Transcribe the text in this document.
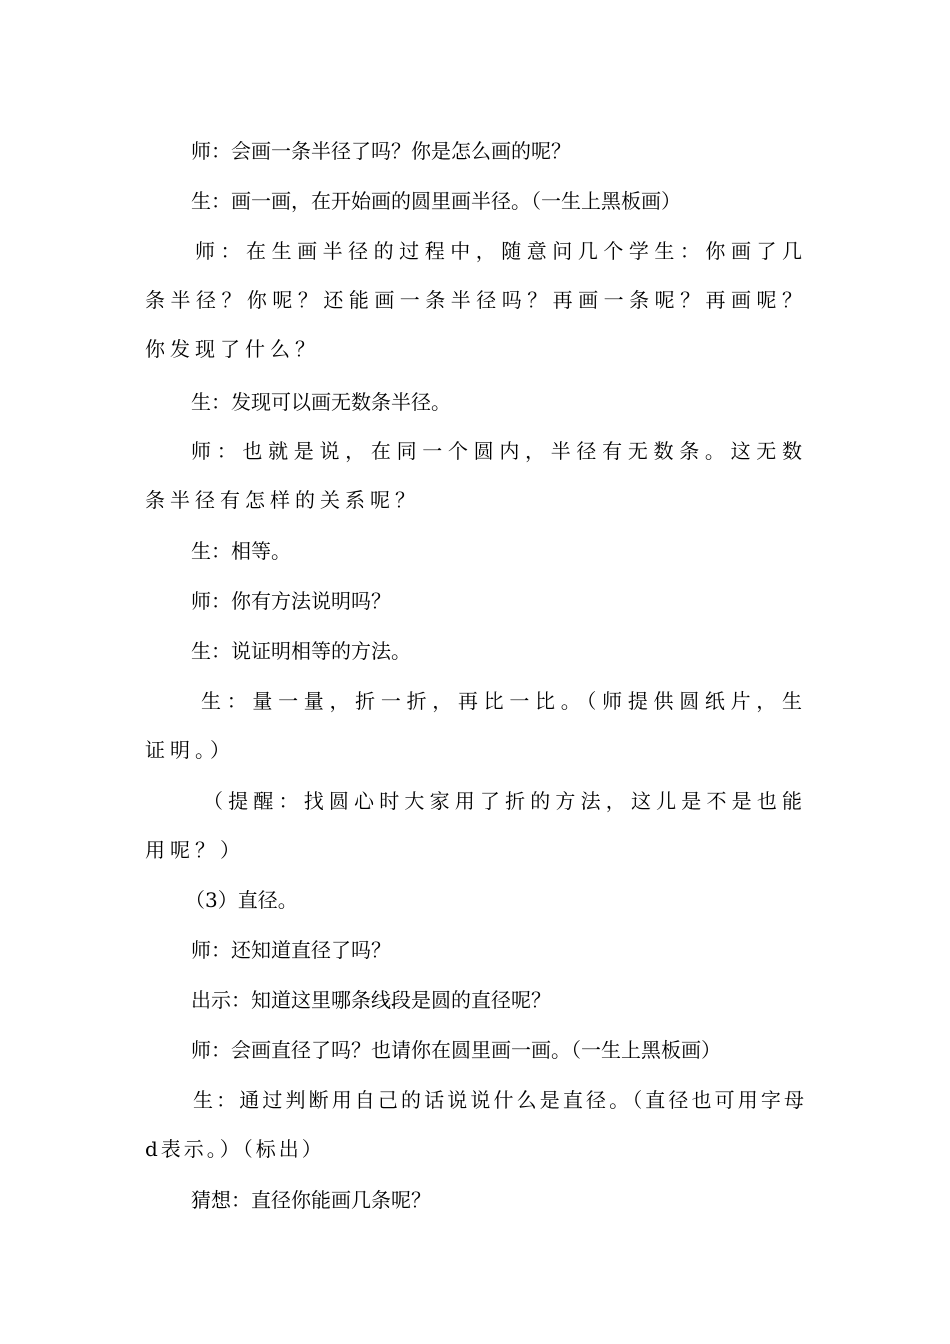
师：会画一条半径了吗？你是怎么画的呢？

生：画一画，在开始画的圆里画半径。（一生上黑板画）

师：在生画半径的过程中，随意问几个学生：你画了几条半径？你呢？还能画一条半径吗？再画一条呢？再画呢？你发现了什么？

生：发现可以画无数条半径。

师：也就是说，在同一个圆内，半径有无数条。这无数条半径有怎样的关系呢？

生：相等。

师：你有方法说明吗？

生：说证明相等的方法。

生：量一量，折一折，再比一比。（师提供圆纸片，生证明。）

（提醒：找圆心时大家用了折的方法，这儿是不是也能用呢？）

（3）直径。

师：还知道直径了吗？

出示：知道这里哪条线段是圆的直径呢？

师：会画直径了吗？也请你在圆里画一画。（一生上黑板画）

生：通过判断用自己的话说说什么是直径。（直径也可用字母d表示。）（标出）

猜想：直径你能画几条呢？
